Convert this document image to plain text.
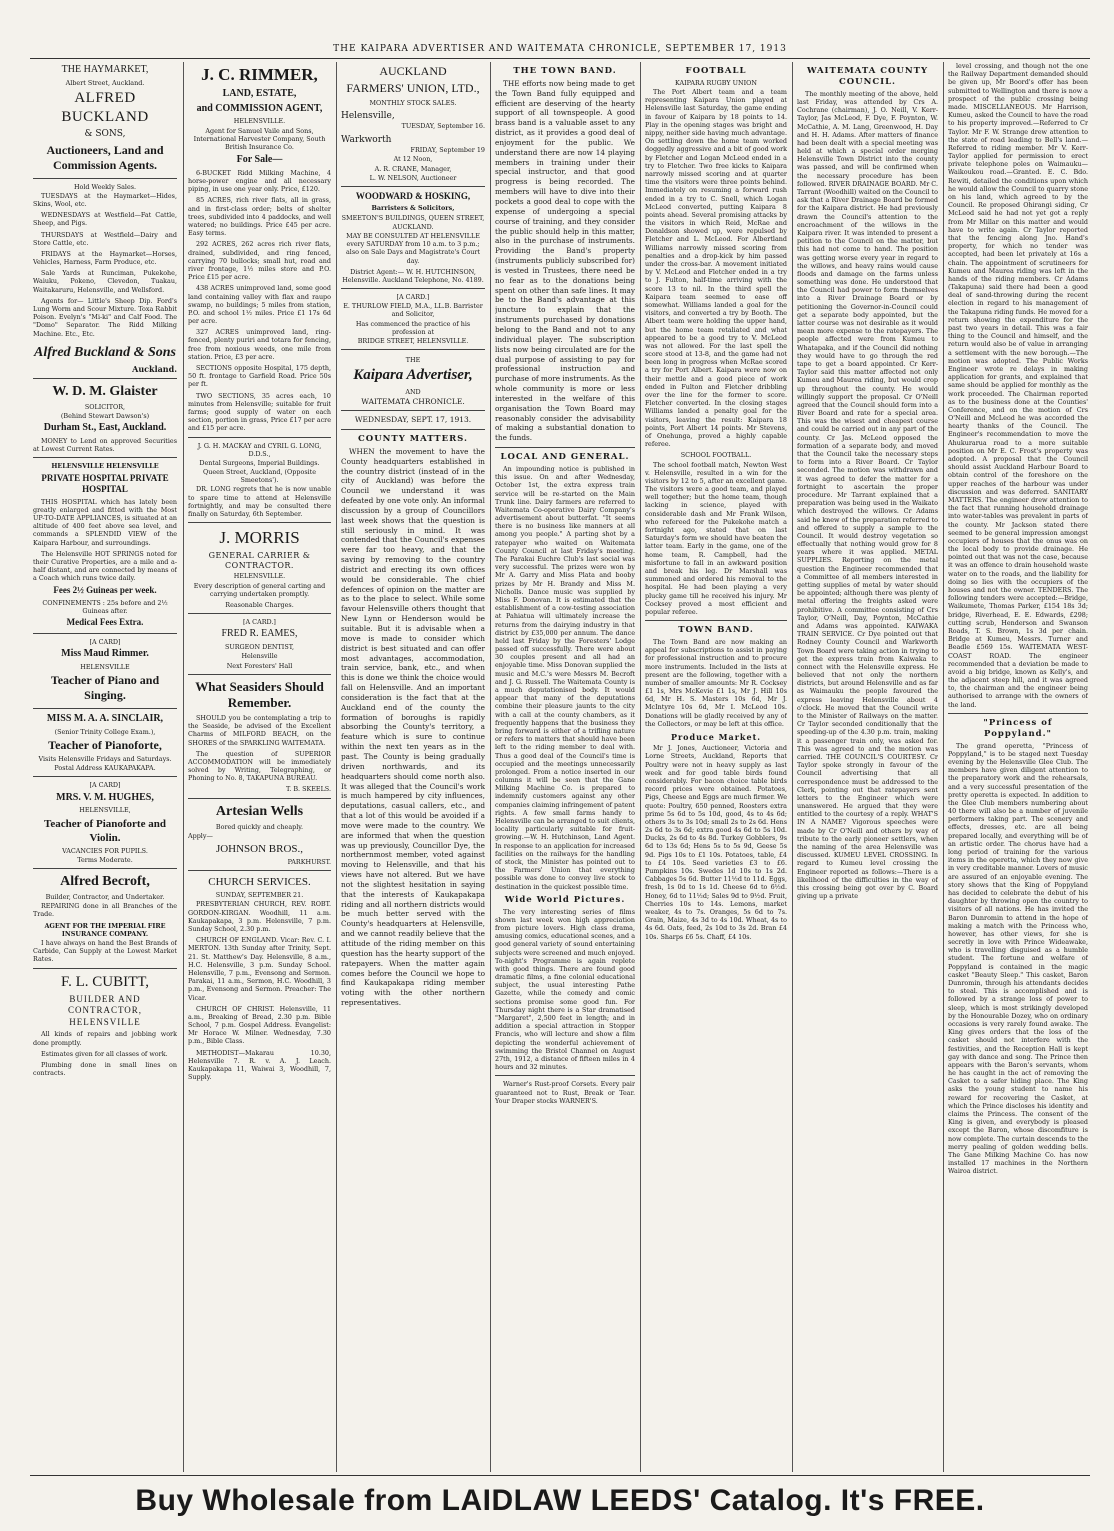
THE KAIPARA ADVERTISER AND WAITEMATA CHRONICLE, SEPTEMBER 17, 1913
THE HAYMARKET,
Albert Street, Auckland.
ALFRED BUCKLAND
& SONS,
Auctioneers, Land and Commission Agents.
Hold Weekly Sales.

TUESDAYS at the Haymarket—Hides, Skins, Wool, etc.

WEDNESDAYS at Westfield—Fat Cattle, Sheep, and Pigs.

THURSDAYS at Westfield—Dairy and Store Cattle, etc.

FRIDAYS at the Haymarket—Horses, Vehicles, Harness, Farm Produce, etc.

Sale Yards at Runciman, Pukekohe, Waiuku, Pokeno, Clevedon, Tuakau, Waitakaruru, Helensville, and Wellsford.

Agents for— Little's Sheep Dip. Ford's Lung Worm and Scour Mixture. Toxa Rabbit Poison. Evelyn's "Mi-ki" and Calf Food. The "Domo" Separator. The Ridd Milking Machine. Etc., Etc.

Alfred Buckland & Sons
Auckland.
W. D. M. Glaister
SOLICITOR,
(Behind Stewart Dawson's)
Durham St., East, Auckland.

MONEY to Lend on approved Securities at Lowest Current Rates.

HELENSVILLE HELENSVILLE
PRIVATE HOSPITAL PRIVATE HOSPITAL

THIS HOSPITAL which has lately been greatly enlarged and fitted with the Most UP-TO-DATE APPLIANCES, is situated at an altitude of 400 feet above sea level, and commands a SPLENDID VIEW of the Kaipara Harbour, and surroundings.

The Helensville HOT SPRINGS noted for their Curative Properties, are a mile and a-half distant, and are connected by means of a Coach which runs twice daily.

Fees 2½ Guineas per week.
CONFINEMENTS : 25s before and 2½ Guineas after.
Medical Fees Extra.
[A CARD]
Miss Maud Rimmer.
HELENSVILLE
Teacher of Piano and Singing.
MISS M. A. A. SINCLAIR,
(Senior Trinity College Exam.),
Teacher of Pianoforte,
Visits Helensville Fridays and Saturdays.
Postal Address KAUKAPAKAPA.
[A CARD]
MRS. V. M. HUGHES,
HELENSVILLE,
Teacher of Pianoforte and Violin.
VACANCIES FOR PUPILS.
Terms Moderate.
Alfred Becroft,
Builder, Contractor, and Undertaker.

REPAIRING done in all Branches of the Trade.

AGENT FOR THE IMPERIAL FIRE INSURANCE COMPANY.

I have always on hand the Best Brands of Carbide, Can Supply at the Lowest Market Rates.

F. L. CUBITT,
BUILDER AND CONTRACTOR, HELENSVILLE

All kinds of repairs and jobbing work done promptly.

Estimates given for all classes of work.

Plumbing done in small lines on contracts.

J. C. RIMMER,
LAND, ESTATE,
and COMMISSION AGENT,
HELENSVILLE.

Agent for Samuel Vaile and Sons, International Harvester Company, South British Insurance Co.

For Sale—

6-BUCKET Ridd Milking Machine, 4 horse-power engine and all necessary piping, in use one year only. Price, £120.

85 ACRES, rich river flats, all in grass, and in first-class order; belts of shelter trees, subdivided into 4 paddocks, and well watered; no buildings. Price £45 per acre. Easy terms.

292 ACRES, 262 acres rich river flats, drained, subdivided, and ring fenced, carrying 70 bullocks; small hut, road and river frontage, 1½ miles store and P.O. Price £15 per acre.

438 ACRES unimproved land, some good land containing valley with flax and raupo swamp, no buildings; 5 miles from station, P.O. and school 1½ miles. Price £1 17s 6d per acre.

327 ACRES unimproved land, ring-fenced, plenty puriri and totara for fencing, free from noxious weeds, one mile from station. Price, £3 per acre.

SECTIONS opposite Hospital, 175 depth, 50 ft. frontage to Garfield Road. Price 50s per ft.

TWO SECTIONS, 35 acres each, 10 minutes from Helensville; suitable for fruit farms; good supply of water on each section, portion in grass, Price £17 per acre and £15 per acre.

J. G. H. MACKAY and CYRIL G. LONG, D.D.S.,
Dental Surgeons, Imperial Buildings.
Queen Street, Auckland, (Opposite Smeetons').

DR. LONG regrets that he is now unable to spare time to attend at Helensville fortnightly, and may be consulted there finally on Saturday, 6th September.

J. MORRIS
GENERAL CARRIER & CONTRACTOR.
HELENSVILLE.

Every description of general carting and carrying undertaken promptly.

Reasonable Charges.
[A CARD.]
FRED R. EAMES,
SURGEON DENTIST,
Helensville
Next Foresters' Hall
What Seasiders Should Remember.

SHOULD you be contemplating a trip to the Seaside, be advised of the Excellent Charms of MILFORD BEACH, on the SHORES of the SPARKLING WAITEMATA.

The question of SUPERIOR ACCOMMODATION will be immediately solved by Writing, Telegraphing, or Phoning to No. 8, TAKAPUNA BUREAU.

T. B. SKEELS.
Artesian Wells
Bored quickly and cheaply.
Apply—
JOHNSON BROS.,
PARKHURST.
CHURCH SERVICES.
SUNDAY, SEPTEMBER 21.

PRESBYTERIAN CHURCH, REV. ROBT. GORDON-KIRGAN. Woodhill, 11 a.m. Kaukapakapa, 3 p.m. Helensville, 7 p.m. Sunday School, 2.30 p.m.

CHURCH OF ENGLAND. Vicar: Rev. C. I. MERTON. 13th Sunday after Trinity, Sept. 21. St. Matthew's Day. Helensville, 8 a.m., H.C. Helensville, 3 p.m. Sunday School. Helensville, 7 p.m., Evensong and Sermon. Parakai, 11 a.m., Sermon, H.C. Woodhill, 3 p.m., Evensong and Sermon. Preacher: The Vicar.

CHURCH OF CHRIST. Helensville, 11 a.m., Breaking of Bread, 2.30 p.m. Bible School, 7 p.m. Gospel Address. Evangelist: Mr Horace W. Milner. Wednesday, 7.30 p.m., Bible Class.

METHODIST—Makarau 10.30, Helensville 7. R. v. A. J. Leach. Kaukapakapa 11, Waiwai 3, Woodhill, 7, Supply.

AUCKLAND
FARMERS' UNION, LTD.,
MONTHLY STOCK SALES.
Helensville,
TUESDAY, September 16.
Warkworth
FRIDAY, September 19
At 12 Noon,
A. R. CRANE, Manager,
L. W. NELSON, Auctioneer
WOODWARD & HOSKING,
Barristers & Solicitors,
SMEETON'S BUILDINGS, QUEEN STREET,
AUCKLAND.

MAY BE CONSULTED AT HELENSVILLE every SATURDAY from 10 a.m. to 3 p.m.; also on Sale Days and Magistrate's Court day.

District Agent:— W. H. HUTCHINSON, Helensville. Auckland Telephone, No. 4189.

[A CARD.]
E. THURLOW FIELD, M.A., LL.B. Barrister and Solicitor,
Has commenced the practice of his profession at
BRIDGE STREET, HELENSVILLE.
THE
Kaipara Advertiser,
AND
WAITEMATA CHRONICLE.
WEDNESDAY, SEPT. 17, 1913.
COUNTY MATTERS.

WHEN the movement to have the County headquarters established in the country district (instead of in the city of Auckland) was before the Council we understand it was defeated by one vote only. An informal discussion by a group of Councillors last week shows that the question is still seriously in mind. It was contended that the Council's expenses were far too heavy, and that the saving by removing to the country district and erecting its own offices would be considerable. The chief defences of opinion on the matter are as to the place to select. While some favour Helensville others thought that New Lynn or Henderson would be suitable. But it is advisable when a move is made to consider which district is best situated and can offer most advantages, accommodation, train service, bank, etc., and when this is done we think the choice would fall on Helensville. And an important consideration is the fact that at the Auckland end of the county the formation of boroughs is rapidly absorbing the County's territory, a feature which is sure to continue within the next ten years as in the past. The County is being gradually driven northwards, and its headquarters should come north also. It was alleged that the Council's work is much hampered by city influences, deputations, casual callers, etc., and that a lot of this would be avoided if a move were made to the country. We are informed that when the question was up previously, Councillor Dye, the northernmost member, voted against moving to Helensville, and that his views have not altered. But we have not the slightest hesitation in saying that the interests of Kaukapakapa riding and all northern districts would be much better served with the County's headquarters at Helensville, and we cannot readily believe that the attitude of the riding member on this question has the hearty support of the ratepayers. When the matter again comes before the Council we hope to find Kaukapakapa riding member voting with the other northern representatives.

THE TOWN BAND.

THE efforts now being made to get the Town Band fully equipped and efficient are deserving of the hearty support of all townspeople. A good brass band is a valuable asset to any district, as it provides a good deal of enjoyment for the public. We understand there are now 14 playing members in training under their special instructor, and that good progress is being recorded. The members will have to dive into their pockets a good deal to cope with the expense of undergoing a special course of training, and they consider the public should help in this matter, also in the purchase of instruments. Providing the Band's property (instruments publicly subscribed for) is vested in Trustees, there need be no fear as to the donations being spent on other than safe lines. It may be to the Band's advantage at this juncture to explain that the instruments purchased by donations belong to the Band and not to any individual player. The subscription lists now being circulated are for the dual purpose of assisting to pay for professional instruction and purchase of more instruments. As the whole community is more or less interested in the welfare of this organisation the Town Board may reasonably consider the advisability of making a substantial donation to the funds.

LOCAL AND GENERAL.

An impounding notice is published in this issue. On and after Wednesday, October 1st, the extra express train service will be re-started on the Main Trunk line. Dairy farmers are referred to Waitemata Co-operative Dairy Company's advertisement about butterfat. "It seems there is no business like manners at all among you people." A parting shot by a ratepayer who waited on Waitemata County Council at last Friday's meeting. The Parakai Euchre Club's last social was very successful. The prizes were won by Mr A. Garry and Miss Plata and booby prizes by Mr H. Brandy and Miss M. Nicholls. Dance music was supplied by Miss F. Donovan. It is estimated that the establishment of a cow-testing association at Pahiatua will ultimately increase the returns from the dairying industry in that district by £35,000 per annum. The dance held last Friday by the Foresters' Lodge passed off successfully. There were about 30 couples present and all had an enjoyable time. Miss Donovan supplied the music and M.C.'s were Messrs M. Becroft and J. G. Russell. The Waitemata County is a much deputationised body. It would appear that many of the deputations combine their pleasure jaunts to the city with a call at the county chambers, as it frequently happens that the business they bring forward is either of a trifling nature or refers to matters that should have been left to the riding member to deal with. Thus a good deal of the Council's time is occupied and the meetings unnecessarily prolonged. From a notice inserted in our columns it will be seen that the Gane Milking Machine Co. is prepared to indemnify customers against any other companies claiming infringement of patent rights. A few small farms handy to Helensville can be arranged to suit clients, locality particularly suitable for fruit-growing.—W. H. Hutchinson, Land Agent. In response to an application for increased facilities on the railways for the handling of stock, the Minister has pointed out to the Farmers' Union that everything possible was done to convey live stock to destination in the quickest possible time.

Wide World Pictures.

The very interesting series of films shown last week won high appreciation from picture lovers. High class drama, amusing comics, educational scenes, and a good general variety of sound entertaining subjects were screened and much enjoyed. To-night's Programme is again replete with good things. There are found good dramatic films, a fine colonial educational subject, the usual interesting Pathe Gazette, while the comedy and comic sections promise some good fun. For Thursday night there is a Star dramatised "Margaret", 2,500 feet in length; and in addition a special attraction in Stopper Francis, who will lecture and show a film depicting the wonderful achievement of swimming the Bristol Channel on August 27th, 1912, a distance of fifteen miles in 4 hours and 32 minutes.

Warner's Rust-proof Corsets. Every pair guaranteed not to Rust, Break or Tear. Your Draper stocks WARNER'S.

FOOTBALL
KAIPARA RUGBY UNION

The Port Albert team and a team representing Kaipara Union played at Helensville last Saturday, the game ending in favour of Kaipara by 18 points to 14. Play in the opening stages was bright and nippy, neither side having much advantage. On settling down the home team worked doggedly aggressive and a bit of good work by Fletcher and Logan McLeod ended in a try to Fletcher. Two free kicks to Kaipara narrowly missed scoring and at quarter time the visitors were three points behind. Immediately on resuming a forward rush ended in a try to C. Snell, which Logan McLeod converted, putting Kaipara 8 points ahead. Several promising attacks by the visitors in which Reid, McRae and Donaldson showed up, were repulsed by Fletcher and L. McLeod. For Albertland Williams narrowly missed scoring from penalties and a drop-kick by him passed under the cross-bar. A movement initiated by V. McLeod and Fletcher ended in a try to J. Fulton, half-time arriving with the score 13 to nil. In the third spell the Kaipara team seemed to ease off somewhat. Williams landed a goal for the visitors, and converted a try by Booth. The Albert team were holding the upper hand, but the home team retaliated and what appeared to be a good try to V. McLeod was not allowed. For the last spell the score stood at 13-8, and the game had not been long in progress when McRae scored a try for Port Albert. Kaipara were now on their mettle and a good piece of work ended in Fulton and Fletcher dribbling over the line for the former to score. Fletcher converted. In the closing stages Williams landed a penalty goal for the visitors, leaving the result: Kaipara 18 points, Port Albert 14 points. Mr Stevens, of Onehunga, proved a highly capable referee.

SCHOOL FOOTBALL.

The school football match, Newton West v. Helensville, resulted in a win for the visitors by 12 to 5, after an excellent game. The visitors were a good team, and played well together; but the home team, though lacking in science, played with considerable dash and Mr Frank Wilson, who refereed for the Pukekohe match a fortnight ago, stated that on last Saturday's form we should have beaten the latter team. Early in the game, one of the home team, R. Campbell, had the misfortune to fall in an awkward position and break his leg. Dr Marshall was summoned and ordered his removal to the hospital. He had been playing a very plucky game till he received his injury. Mr Cocksey proved a most efficient and popular referee.

TOWN BAND.

The Town Band are now making an appeal for subscriptions to assist in paying for professional instruction and to procure more instruments. Included in the lists at present are the following, together with a number of smaller amounts: Mr R. Cocksey £1 1s, Mrs McKevie £1 1s, Mr J. Hill 10s 6d, Mr H. S. Masters 10s 6d, Mr J. McIntyre 10s 6d, Mr I. McLeod 10s. Donations will be gladly received by any of the Collectors, or may be left at this office.

Produce Market.

Mr J. Jones, Auctioneer, Victoria and Lorne Streets, Auckland, Reports that Poultry were not in heavy supply as last week and for good table birds found considerably. For bacon choice table birds record prices were obtained. Potatoes, Pigs, Cheese and Eggs are much firmer. We quote: Poultry, 650 penned, Roosters extra prime 5s 6d to 5s 10d, good, 4s to 4s 6d; others 3s to 3s 10d; small 2s to 2s 6d. Hens 2s 6d to 3s 6d; extra good 4s 6d to 5s 10d. Ducks, 2s 6d to 4s 8d. Turkey Gobblers, 9s 6d to 13s 6d; Hens 5s to 5s 9d, Geese 5s 9d. Pigs 10s to £1 10s. Potatoes, table, £4 to £4 10s. Seed varieties £3 to £6. Pumpkins 10s. Swedes 1d 10s to 1s 2d. Cabbages 5s 6d. Butter 11½d to 11d. Eggs, fresh, 1s 0d to 1s 1d. Cheese 6d to 6½d. Honey, 6d to 11½d; Sales 9d to 9½d. Fruit, Cherries 10s to 14s. Lemons, market weaker, 4s to 7s. Oranges, 5s 6d to 7s. Grain, Maize, 4s 3d to 4s 10d. Wheat, 4s to 4s 6d. Oats, feed, 2s 10d to 3s 2d. Bran £4 10s. Sharps £6 5s. Chaff, £4 10s.

WAITEMATA COUNTY COUNCIL.

The monthly meeting of the above, held last Friday, was attended by Crs A. Cochrane (chairman), J. O. Neill, V. Kerr-Taylor, Jas McLeod, F. Dye, F. Poynton, W. McCathie, A. M. Lang, Greenwood, H. Day and H. H. Adams. After matters of finance had been dealt with a special meeting was held at which a special order merging Helensville Town District into the county was passed, and will be confirmed when the necessary procedure has been followed. RIVER DRAINAGE BOARD. Mr C. Tarrant (Woodhill) waited on the Council to ask that a River Drainage Board be formed for the Kaipara district. He had previously drawn the Council's attention to the encroachment of the willows in the Kaipara river. It was intended to present a petition to the Council on the matter, but this had not come to hand. The position was getting worse every year in regard to the willows, and heavy rains would cause floods and damage on the farms unless something was done. He understood that the Council had power to form themselves into a River Drainage Board or by petitioning the Governor-in-Council could get a separate body appointed, but the latter course was not desirable as it would mean more expense to the ratepayers. The people affected were from Kumeu to Whatapaka, and if the Council did nothing they would have to go through the red tape to get a board appointed. Cr Kerr-Taylor said this matter affected not only Kumeu and Maurea riding, but would crop up throughout the county. He would willingly support the proposal. Cr O'Neill agreed that the Council should form into a River Board and rate for a special area. This was the wisest and cheapest course and could be carried out in any part of the county. Cr Jas. McLeod opposed the formation of a separate body, and moved that the Council take the necessary steps to form into a River Board. Cr Taylor seconded. The motion was withdrawn and it was agreed to defer the matter for a fortnight to ascertain the proper procedure. Mr Tarrant explained that a preparation was being used in the Waikato which destroyed the willows. Cr Adams said he knew of the preparation referred to and offered to supply a sample to the Council. It would destroy vegetation so effectually that nothing would grow for 8 years where it was applied. METAL SUPPLIES. Reporting on the metal question the Engineer recommended that a Committee of all members interested in getting supplies of metal by water should be appointed; although there was plenty of metal offering the freights asked were prohibitive. A committee consisting of Crs Taylor, O'Neill, Day, Poynton, McCathie and Adams was appointed. KAIWAKA TRAIN SERVICE. Cr Dye pointed out that Rodney County Council and Warkworth Town Board were taking action in trying to get the express train from Kaiwaka to connect with the Helensville express. He believed that not only the northern districts, but around Helensville and as far as Waimauku the people favoured the express leaving Helensville about 4 o'clock. He moved that the Council write to the Minister of Railways on the matter. Cr Taylor seconded conditionally that the speeding-up of the 4.30 p.m. train, making it a passenger train only, was asked for. This was agreed to and the motion was carried. THE COUNCIL'S COURTESY. Cr Taylor spoke strongly in favour of the Council advertising that all correspondence must be addressed to the Clerk, pointing out that ratepayers sent letters to the Engineer which were unanswered. He argued that they were entitled to the courtesy of a reply. WHAT'S IN A NAME? Vigorous speeches were made by Cr O'Neill and others by way of tribute to the early pioneer settlers, when the naming of the area Helensville was discussed. KUMEU LEVEL CROSSING. In regard to Kumeu level crossing the Engineer reported as follows:—There is a likelihood of the difficulties in the way of this crossing being got over by C. Board giving up a private

level crossing, and though not the one the Railway Department demanded should be given up, Mr Boord's offer has been submitted to Wellington and there is now a prospect of the public crossing being made. MISCELLANEOUS. Mr Harrison, Kumeu, asked the Council to have the road to his property improved.—Referred to Cr Taylor. Mr F. W. Strange drew attention to the state of road leading to Bell's land.—Referred to riding member. Mr V. Kerr-Taylor applied for permission to erect private telephone poles on Waimauku—Waikoukou road.—Granted. E. C. Bdo. Rewiti, detailed the conditions upon which he would allow the Council to quarry stone on his land, which agreed to by the Council. Re proposed Ohirangi siding, Cr McLeod said he had not yet got a reply from Mr Millar on this matter and would have to write again. Cr Taylor reported that the fencing along Jno. Hand's property, for which no tender was accepted, had been let privately at 16s a chain. The appointment of scrutineers for Kumeu and Maurea riding was left in the hands of the riding members. Cr Adams (Takapuna) said there had been a good deal of sand-throwing during the recent election in regard to his management of the Takapuna riding funds. He moved for a return showing the expenditure for the past two years in detail. This was a fair thing to the Council and himself, and the return would also be of value in arranging a settlement with the new borough.—The motion was adopted. The Public Works Engineer wrote re delays in making application for grants, and explained that same should be applied for monthly as the work proceeded. The Chairman reported as to the business done at the Counties' Conference, and on the motion of Crs O'Neill and McLeod he was accorded the hearty thanks of the Council. The Engineer's recommendation to move the Ahukurarua road to a more suitable position on Mr E. C. Frost's property was adopted. A proposal that the Council should assist Auckland Harbour Board to obtain control of the foreshore on the upper reaches of the harbour was under discussion and was deferred. SANITARY MATTERS. The engineer drew attention to the fact that running household drainage into water-tables was prevalent in parts of the county. Mr Jackson stated there seemed to be general impression amongst occupiers of houses that the onus was on the local body to provide drainage. He pointed out that was not the case, because it was an offence to drain household waste water on to the roads, and the liability for doing so lies with the occupiers of the houses and not the owner. TENDERS. The following tenders were accepted:—Bridge, Waikumete, Thomas Parker, £154 18s 3d; bridge, Riverhead, E. E. Edwards, £298; cutting scrub, Henderson and Swanson Roads, T. S. Brown, 1s 3d per chain. Bridge at Kumeu, Messrs. Turner and Beadle £569 15s. WAITEMATA WEST-COAST ROAD. The engineer recommended that a deviation be made to avoid a big bridge, known as Kelly's, and the adjacent steep hill, and it was agreed to, the chairman and the engineer being authorised to arrange with the owners of the land.

"Princess of Poppyland."

The grand operetta, "Princess of Poppyland," is to be staged next Tuesday evening by the Helensville Glee Club. The members have given diligent attention to the preparatory work and the rehearsals, and a very successful presentation of the pretty operetta is expected. In addition to the Glee Club members numbering about 40 there will also be a number of juvenile performers taking part. The scenery and effects, dresses, etc. are all being prepared locally, and everything will be of an artistic order. The chorus have had a long period of training for the various items in the operetta, which they now give in very creditable manner. Lovers of music are assured of an enjoyable evening. The story shows that the King of Poppyland has decided to celebrate the debut of his daughter by throwing open the country to visitors of all nations. He has invited the Baron Dunromin to attend in the hope of making a match with the Princess who, however, has other views, for she is secretly in love with Prince Wideawake, who is travelling disguised as a humble student. The fortune and welfare of Poppyland is contained in the magic casket "Beauty Sleep." This casket, Baron Dunromin, through his attendants decides to steal. This is accomplished and is followed by a strange loss of power to sleep, which is most strikingly developed by the Honourable Dozey, who on ordinary occasions is very rarely found awake. The King gives orders that the loss of the casket should not interfere with the festivities, and the Reception Hall is kept gay with dance and song. The Prince then appears with the Baron's servants, whom he has caught in the act of removing the Casket to a safer hiding place. The King asks the young student to name his reward for recovering the Casket, at which the Prince discloses his identity and claims the Princess. The consent of the King is given, and everybody is pleased except the Baron, whose discomfiture is now complete. The curtain descends to the merry pealing of golden wedding bells. The Gane Milking Machine Co. has now installed 17 machines in the Northern Wairoa district.

Buy Wholesale from LAIDLAW LEEDS' Catalog. It's FREE.
